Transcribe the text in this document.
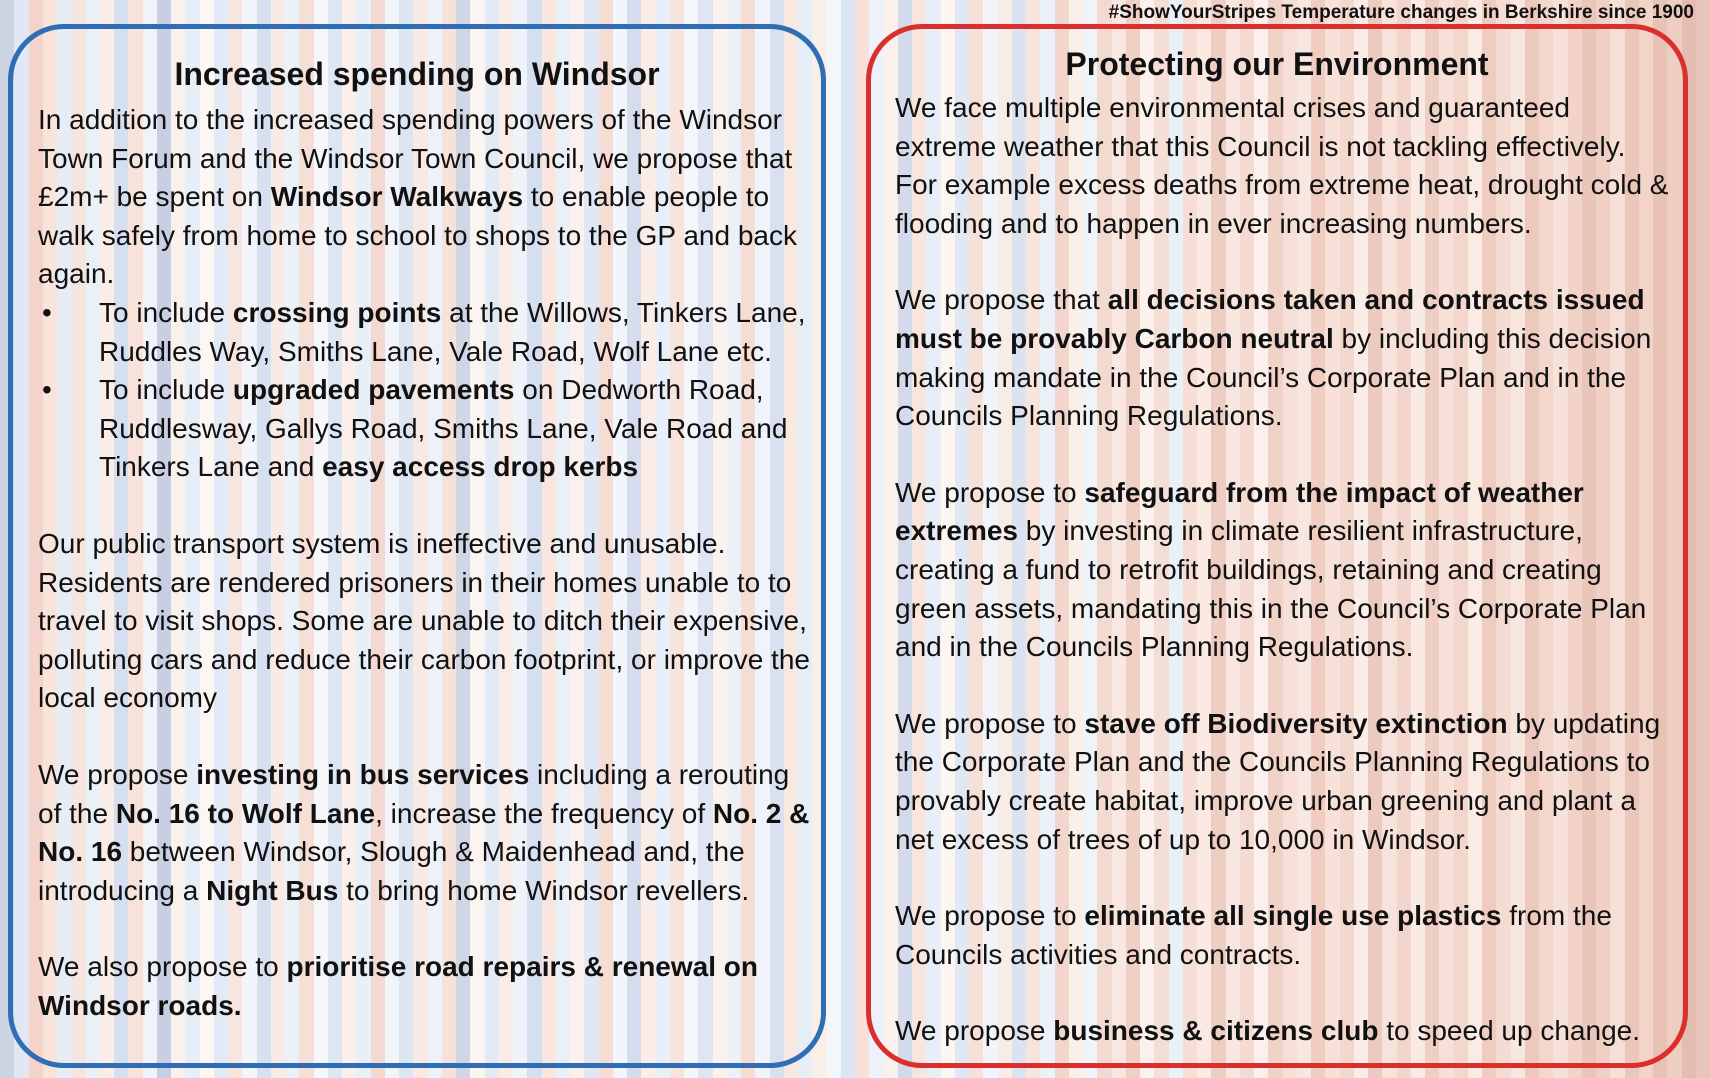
#ShowYourStripes Temperature changes in Berkshire since 1900
Increased spending on Windsor

In addition to the increased spending powers of the Windsor Town Forum and the Windsor Town Council, we propose that £2m+ be spent on Windsor Walkways to enable people to walk safely from home to school to shops to the GP and back again.

• To include crossing points at the Willows, Tinkers Lane, Ruddles Way, Smiths Lane, Vale Road, Wolf Lane etc.
• To include upgraded pavements on Dedworth Road, Ruddlesway, Gallys Road, Smiths Lane, Vale Road and Tinkers Lane and easy access drop kerbs

Our public transport system is ineffective and unusable. Residents are rendered prisoners in their homes unable to to travel to visit shops. Some are unable to ditch their expensive, polluting cars and reduce their carbon footprint, or improve the local economy

We propose investing in bus services including a rerouting of the No. 16 to Wolf Lane, increase the frequency of No. 2 & No. 16 between Windsor, Slough & Maidenhead and, the introducing a Night Bus to bring home Windsor revellers.

We also propose to prioritise road repairs & renewal on Windsor roads.

Protecting our Environment

We face multiple environmental crises and guaranteed extreme weather that this Council is not tackling effectively. For example excess deaths from extreme heat, drought cold & flooding and to happen in ever increasing numbers.

We propose that all decisions taken and contracts issued must be provably Carbon neutral by including this decision making mandate in the Council’s Corporate Plan and in the Councils Planning Regulations.

We propose to safeguard from the impact of weather extremes by investing in climate resilient infrastructure, creating a fund to retrofit buildings, retaining and creating green assets, mandating this in the Council’s Corporate Plan and in the Councils Planning Regulations.

We propose to stave off Biodiversity extinction by updating the Corporate Plan and the Councils Planning Regulations to provably create habitat, improve urban greening and plant a net excess of trees of up to 10,000 in Windsor.

We propose to eliminate all single use plastics from the Councils activities and contracts.

We propose business & citizens club to speed up change.
